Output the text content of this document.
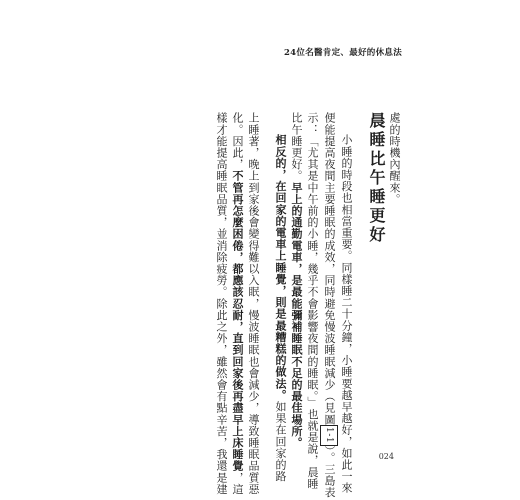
24位名醫肯定、最好的休息法
處的時機內醒來。
晨睡比午睡更好
小睡的時段也相當重要。同樣睡二十分鐘，小睡要越早越好，如此一來
便能提高夜間主要睡眠的成效，同時避免慢波睡眠減少（見圖1-1）。三島表
示：「尤其是中午前的小睡，幾乎不會影響夜間的睡眠。」也就是說，晨睡
比午睡更好。早上的通勤電車，是最能彌補睡眠不足的最佳場所。
相反的，在回家的電車上睡覺，則是最糟糕的做法。如果在回家的路
上睡著，晚上到家後會變得難以入眠，慢波睡眠也會減少，導致睡眠品質惡
化。因此，不管再怎麼困倦，都應該忍耐，直到回家後再盡早上床睡覺，這
樣才能提高睡眠品質，並消除疲勞。除此之外，雖然會有點辛苦，我還是建	024
